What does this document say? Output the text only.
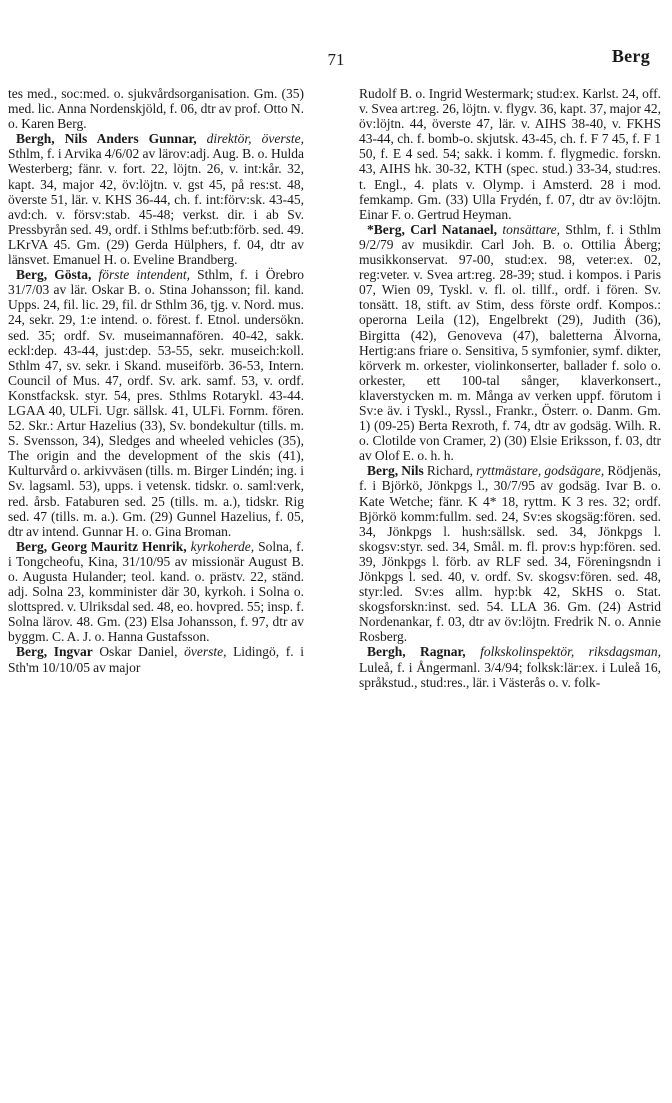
71	Berg

tes med., soc:med. o. sjukvårdsorganisation. Gm. (35) med. lic. Anna Nordenskjöld, f. 06, dtr av prof. Otto N. o. Karen Berg.

Bergh, Nils Anders Gunnar, direktör, överste, Sthlm, f. i Arvika 4/6/02 av lärov:adj. Aug. B. o. Hulda Westerberg; fänr. v. fort. 22, löjtn. 26, v. int:kår. 32, kapt. 34, major 42, öv:löjtn. v. gst 45, på res:st. 48, överste 51, lär. v. KHS 36-44, ch. f. int:förv:sk. 43-45, avd:ch. v. försv:stab. 45-48; verkst. dir. i ab Sv. Pressbyrån sed. 49, ordf. i Sthlms bef:utb:förb. sed. 49. LKrVA 45. Gm. (29) Gerda Hülphers, f. 04, dtr av länsvet. Emanuel H. o. Eveline Brandberg.

Berg, Gösta, förste intendent, Sthlm, f. i Örebro 31/7/03 av lär. Oskar B. o. Stina Johansson; fil. kand. Upps. 24, fil. lic. 29, fil. dr Sthlm 36, tjg. v. Nord. mus. 24, sekr. 29, 1:e intend. o. förest. f. Etnol. undersökn. sed. 35; ordf. Sv. museimannafören. 40-42, sakk. eckl:dep. 43-44, just:dep. 53-55, sekr. museich:koll. Sthlm 47, sv. sekr. i Skand. museiförb. 36-53, Intern. Council of Mus. 47, ordf. Sv. ark. samf. 53, v. ordf. Konstfacksk. styr. 54, pres. Sthlms Rotarykl. 43-44. LGAA 40, ULFi. Ugr. sällsk. 41, ULFi. Fornm. fören. 52. Skr.: Artur Hazelius (33), Sv. bondekultur (tills. m. S. Svensson, 34), Sledges and wheeled vehicles (35), The origin and the development of the skis (41), Kulturvård o. arkivväsen (tills. m. Birger Lindén; ing. i Sv. lagsaml. 53), upps. i vetensk. tidskr. o. saml:verk, red. årsb. Fataburen sed. 25 (tills. m. a.), tidskr. Rig sed. 47 (tills. m. a.). Gm. (29) Gunnel Hazelius, f. 05, dtr av intend. Gunnar H. o. Gina Broman.

Berg, Georg Mauritz Henrik, kyrkoherde, Solna, f. i Tongcheofu, Kina, 31/10/95 av missionär August B. o. Augusta Hulander; teol. kand. o. prästv. 22, ständ. adj. Solna 23, komminister där 30, kyrkoh. i Solna o. slottspred. v. Ulriksdal sed. 48, eo. hovpred. 55; insp. f. Solna lärov. 48. Gm. (23) Elsa Johansson, f. 97, dtr av byggm. C. A. J. o. Hanna Gustafsson.

Berg, Ingvar Oskar Daniel, överste, Lidingö, f. i Sth'm 10/10/05 av major

Rudolf B. o. Ingrid Westermark; stud:ex. Karlst. 24, off. v. Svea art:reg. 26, löjtn. v. flygv. 36, kapt. 37, major 42, öv:löjtn. 44, överste 47, lär. v. AIHS 38-40, v. FKHS 43-44, ch. f. bomb-o. skjutsk. 43-45, ch. f. F 7 45, f. F 1 50, f. E 4 sed. 54; sakk. i komm. f. flygmedic. forskn. 43, AIHS hk. 30-32, KTH (spec. stud.) 33-34, stud:res. t. Engl., 4. plats v. Olymp. i Amsterd. 28 i mod. femkamp. Gm. (33) Ulla Frydén, f. 07, dtr av öv:löjtn. Einar F. o. Gertrud Heyman.

*Berg, Carl Natanael, tonsättare, Sthlm, f. i Sthlm 9/2/79 av musikdir. Carl Joh. B. o. Ottilia Åberg; musikkonservat. 97-00, stud:ex. 98, veter:ex. 02, reg:veter. v. Svea art:reg. 28-39; stud. i kompos. i Paris 07, Wien 09, Tyskl. v. fl. ol. tillf., ordf. i fören. Sv. tonsätt. 18, stift. av Stim, dess förste ordf. Kompos.: operorna Leila (12), Engelbrekt (29), Judith (36), Birgitta (42), Genoveva (47), baletterna Älvorna, Hertig:ans friare o. Sensitiva, 5 symfonier, symf. dikter, körverk m. orkester, violinkonserter, ballader f. solo o. orkester, ett 100-tal sånger, klaverkonsert., klaverstycken m. m. Många av verken uppf. förutom i Sv:e äv. i Tyskl., Ryssl., Frankr., Österr. o. Danm. Gm. 1) (09-25) Berta Rexroth, f. 74, dtr av godsäg. Wilh. R. o. Clotilde von Cramer, 2) (30) Elsie Eriksson, f. 03, dtr av Olof E. o. h. h.

Berg, Nils Richard, ryttmästare, godsägare, Rödjenäs, f. i Björkö, Jönkpgs l., 30/7/95 av godsäg. Ivar B. o. Kate Wetche; fänr. K 4* 18, ryttm. K 3 res. 32; ordf. Björkö komm:fullm. sed. 24, Sv:es skogsäg:fören. sed. 34, Jönkpgs l. hush:sällsk. sed. 34, Jönkpgs l. skogsv:styr. sed. 34, Smål. m. fl. prov:s hyp:fören. sed. 39, Jönkpgs l. förb. av RLF sed. 34, Föreningsndn i Jönkpgs l. sed. 40, v. ordf. Sv. skogsv:fören. sed. 48, styr:led. Sv:es allm. hyp:bk 42, SkHS o. Stat. skogsforskn:inst. sed. 54. LLA 36. Gm. (24) Astrid Nordenankar, f. 03, dtr av öv:löjtn. Fredrik N. o. Annie Rosberg.

Bergh, Ragnar, folkskolinspektör, riksdagsman, Luleå, f. i Ångermanl. 3/4/94; folksk:lär:ex. i Luleå 16, språkstud., stud:res., lär. i Västerås o. v. folk-
